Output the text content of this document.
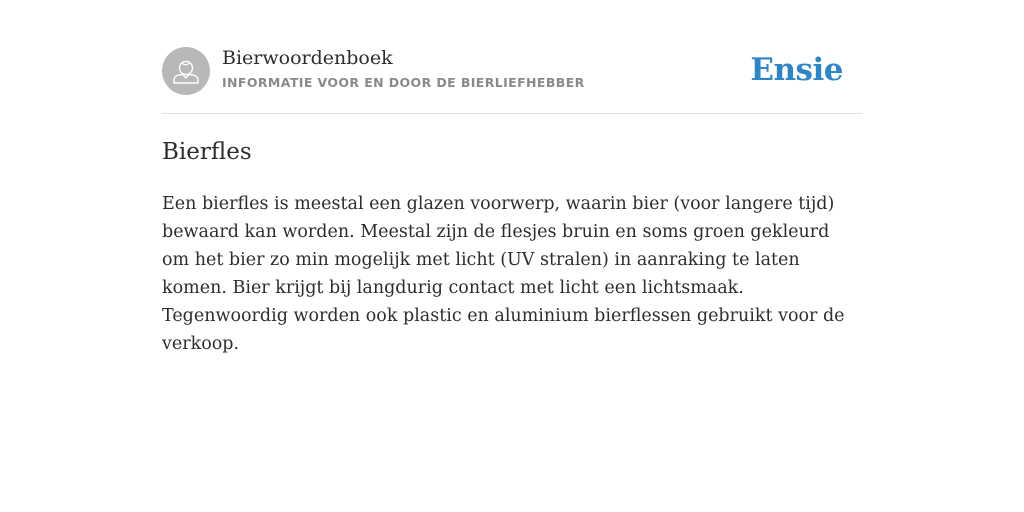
Bierwoordenboek
INFORMATIE VOOR EN DOOR DE BIERLIEFHEBBER	Ensie
Bierfles

Een bierfles is meestal een glazen voorwerp, waarin bier (voor langere tijd) bewaard kan worden. Meestal zijn de flesjes bruin en soms groen gekleurd om het bier zo min mogelijk met licht (UV stralen) in aanraking te laten komen. Bier krijgt bij langdurig contact met licht een lichtsmaak. Tegenwoordig worden ook plastic en aluminium bierflessen gebruikt voor de verkoop.
